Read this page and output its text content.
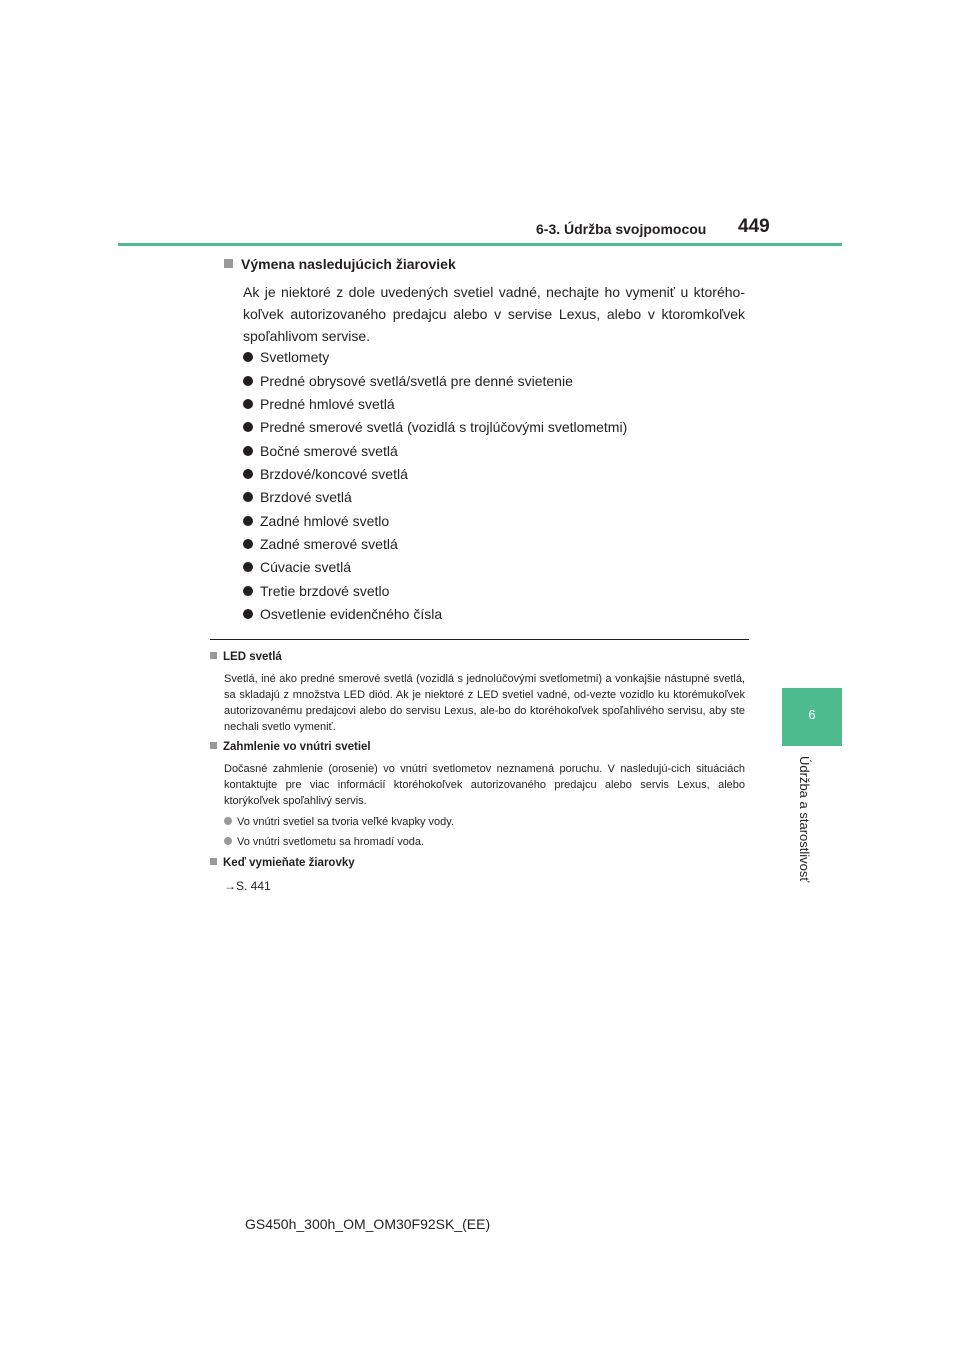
6-3. Údržba svojpomocou 449
6
Údržba a starostlivosť
Výmena nasledujúcich žiaroviek
Ak je niektoré z dole uvedených svetiel vadné, nechajte ho vymeniť u ktorého-koľvek autorizovaného predajcu alebo v servise Lexus, alebo v ktoromkoľvek spoľahlivom servise.
Svetlomety
Predné obrysové svetlá/svetlá pre denné svietenie
Predné hmlové svetlá
Predné smerové svetlá (vozidlá s trojlúčovými svetlometmi)
Bočné smerové svetlá
Brzdové/koncové svetlá
Brzdové svetlá
Zadné hmlové svetlo
Zadné smerové svetlá
Cúvacie svetlá
Tretie brzdové svetlo
Osvetlenie evidenčného čísla
LED svetlá
Svetlá, iné ako predné smerové svetlá (vozidlá s jednolúčovými svetlometmi) a vonkajšie nástupné svetlá, sa skladajú z množstva LED diód. Ak je niektoré z LED svetiel vadné, od-vezte vozidlo ku ktorémukoľvek autorizovanému predajcovi alebo do servisu Lexus, ale-bo do ktoréhokoľvek spoľahlivého servisu, aby ste nechali svetlo vymeniť.
Zahmlenie vo vnútri svetiel
Dočasné zahmlenie (orosenie) vo vnútri svetlometov neznamená poruchu. V nasledujú-cich situáciách kontaktujte pre viac informácií ktoréhokoľvek autorizovaného predajcu alebo servis Lexus, alebo ktorýkoľvek spoľahlivý servis.
Vo vnútri svetiel sa tvoria veľké kvapky vody.
Vo vnútri svetlometu sa hromadí voda.
Keď vymieňate žiarovky
→S. 441
GS450h_300h_OM_OM30F92SK_(EE)
